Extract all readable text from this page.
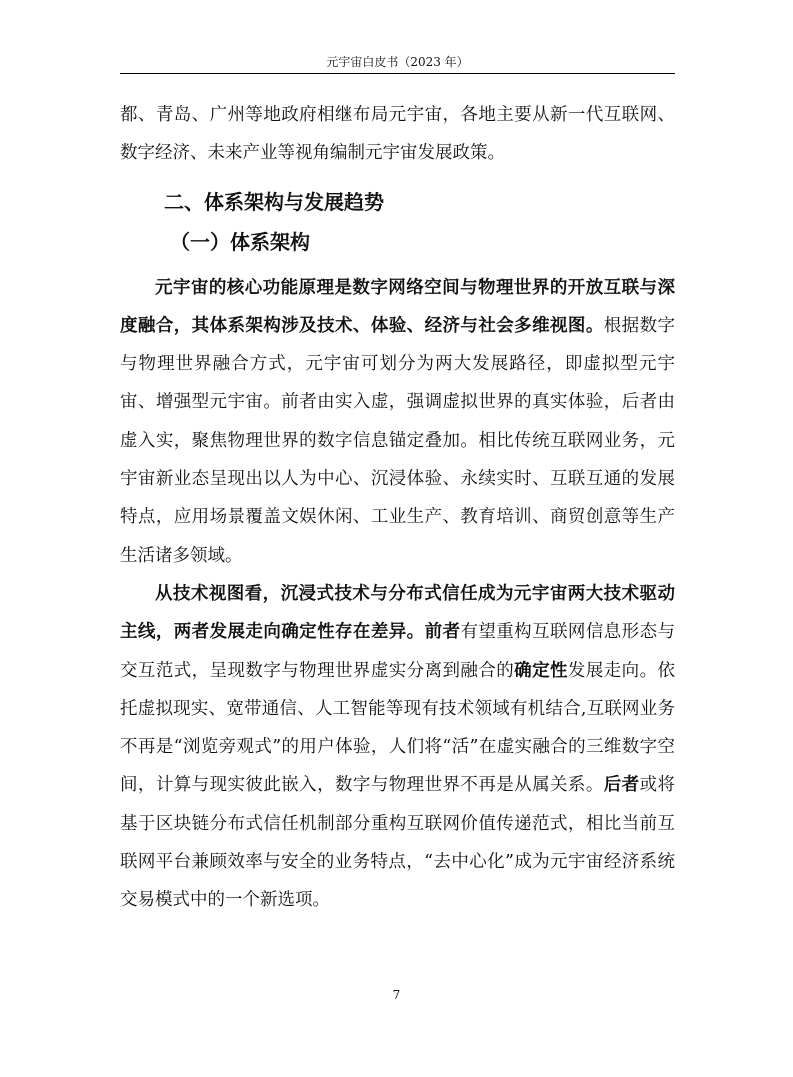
元宇宙白皮书（2023 年）

都、青岛、广州等地政府相继布局元宇宙，各地主要从新一代互联网、数字经济、未来产业等视角编制元宇宙发展政策。

二、体系架构与发展趋势
（一）体系架构

元宇宙的核心功能原理是数字网络空间与物理世界的开放互联与深度融合，其体系架构涉及技术、体验、经济与社会多维视图。根据数字与物理世界融合方式，元宇宙可划分为两大发展路径，即虚拟型元宇宙、增强型元宇宙。前者由实入虚，强调虚拟世界的真实体验，后者由虚入实，聚焦物理世界的数字信息锚定叠加。相比传统互联网业务，元宇宙新业态呈现出以人为中心、沉浸体验、永续实时、互联互通的发展特点，应用场景覆盖文娱休闲、工业生产、教育培训、商贸创意等生产生活诸多领域。

从技术视图看，沉浸式技术与分布式信任成为元宇宙两大技术驱动主线，两者发展走向确定性存在差异。前者有望重构互联网信息形态与交互范式，呈现数字与物理世界虚实分离到融合的确定性发展走向。依托虚拟现实、宽带通信、人工智能等现有技术领域有机结合,互联网业务不再是“浏览旁观式”的用户体验，人们将“活”在虚实融合的三维数字空间，计算与现实彼此嵌入，数字与物理世界不再是从属关系。后者或将基于区块链分布式信任机制部分重构互联网价值传递范式，相比当前互联网平台兼顾效率与安全的业务特点，“去中心化”成为元宇宙经济系统交易模式中的一个新选项。

7
